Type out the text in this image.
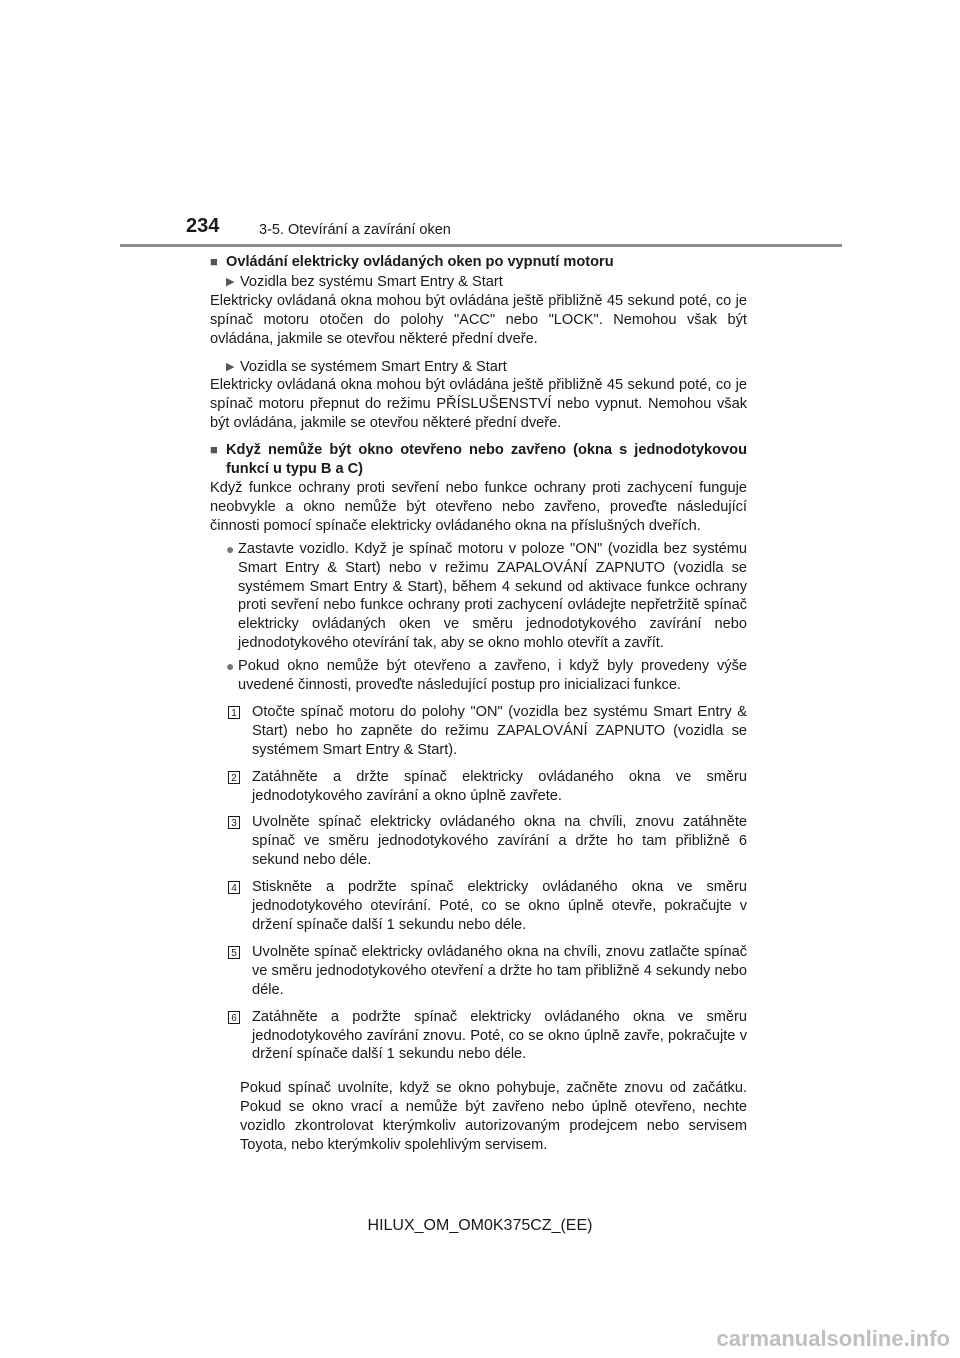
234	3-5. Otevírání a zavírání oken
■ Ovládání elektricky ovládaných oken po vypnutí motoru
▶ Vozidla bez systému Smart Entry & Start

Elektricky ovládaná okna mohou být ovládána ještě přibližně 45 sekund poté, co je spínač motoru otočen do polohy "ACC" nebo "LOCK". Nemohou však být ovládána, jakmile se otevřou některé přední dveře.

▶ Vozidla se systémem Smart Entry & Start

Elektricky ovládaná okna mohou být ovládána ještě přibližně 45 sekund poté, co je spínač motoru přepnut do režimu PŘÍSLUŠENSTVÍ nebo vypnut. Nemohou však být ovládána, jakmile se otevřou některé přední dveře.

■ Když nemůže být okno otevřeno nebo zavřeno (okna s jednodotykovou funkcí u typu B a C)

Když funkce ochrany proti sevření nebo funkce ochrany proti zachycení funguje neobvykle a okno nemůže být otevřeno nebo zavřeno, proveďte následující činnosti pomocí spínače elektricky ovládaného okna na příslušných dveřích.

● Zastavte vozidlo. Když je spínač motoru v poloze "ON" (vozidla bez systému Smart Entry & Start) nebo v režimu ZAPALOVÁNÍ ZAPNUTO (vozidla se systémem Smart Entry & Start), během 4 sekund od aktivace funkce ochrany proti sevření nebo funkce ochrany proti zachycení ovládejte nepřetržitě spínač elektricky ovládaných oken ve směru jednodotykového zavírání nebo jednodotykového otevírání tak, aby se okno mohlo otevřít a zavřít.
● Pokud okno nemůže být otevřeno a zavřeno, i když byly provedeny výše uvedené činnosti, proveďte následující postup pro inicializaci funkce.
1 Otočte spínač motoru do polohy "ON" (vozidla bez systému Smart Entry & Start) nebo ho zapněte do režimu ZAPALOVÁNÍ ZAPNUTO (vozidla se systémem Smart Entry & Start).
2 Zatáhněte a držte spínač elektricky ovládaného okna ve směru jednodotykového zavírání a okno úplně zavřete.
3 Uvolněte spínač elektricky ovládaného okna na chvíli, znovu zatáhněte spínač ve směru jednodotykového zavírání a držte ho tam přibližně 6 sekund nebo déle.
4 Stiskněte a podržte spínač elektricky ovládaného okna ve směru jednodotykového otevírání. Poté, co se okno úplně otevře, pokračujte v držení spínače další 1 sekundu nebo déle.
5 Uvolněte spínač elektricky ovládaného okna na chvíli, znovu zatlačte spínač ve směru jednodotykového otevření a držte ho tam přibližně 4 sekundy nebo déle.
6 Zatáhněte a podržte spínač elektricky ovládaného okna ve směru jednodotykového zavírání znovu. Poté, co se okno úplně zavře, pokračujte v držení spínače další 1 sekundu nebo déle.

Pokud spínač uvolníte, když se okno pohybuje, začněte znovu od začátku. Pokud se okno vrací a nemůže být zavřeno nebo úplně otevřeno, nechte vozidlo zkontrolovat kterýmkoliv autorizovaným prodejcem nebo servisem Toyota, nebo kterýmkoliv spolehlivým servisem.

HILUX_OM_OM0K375CZ_(EE)
carmanualsonline.info
